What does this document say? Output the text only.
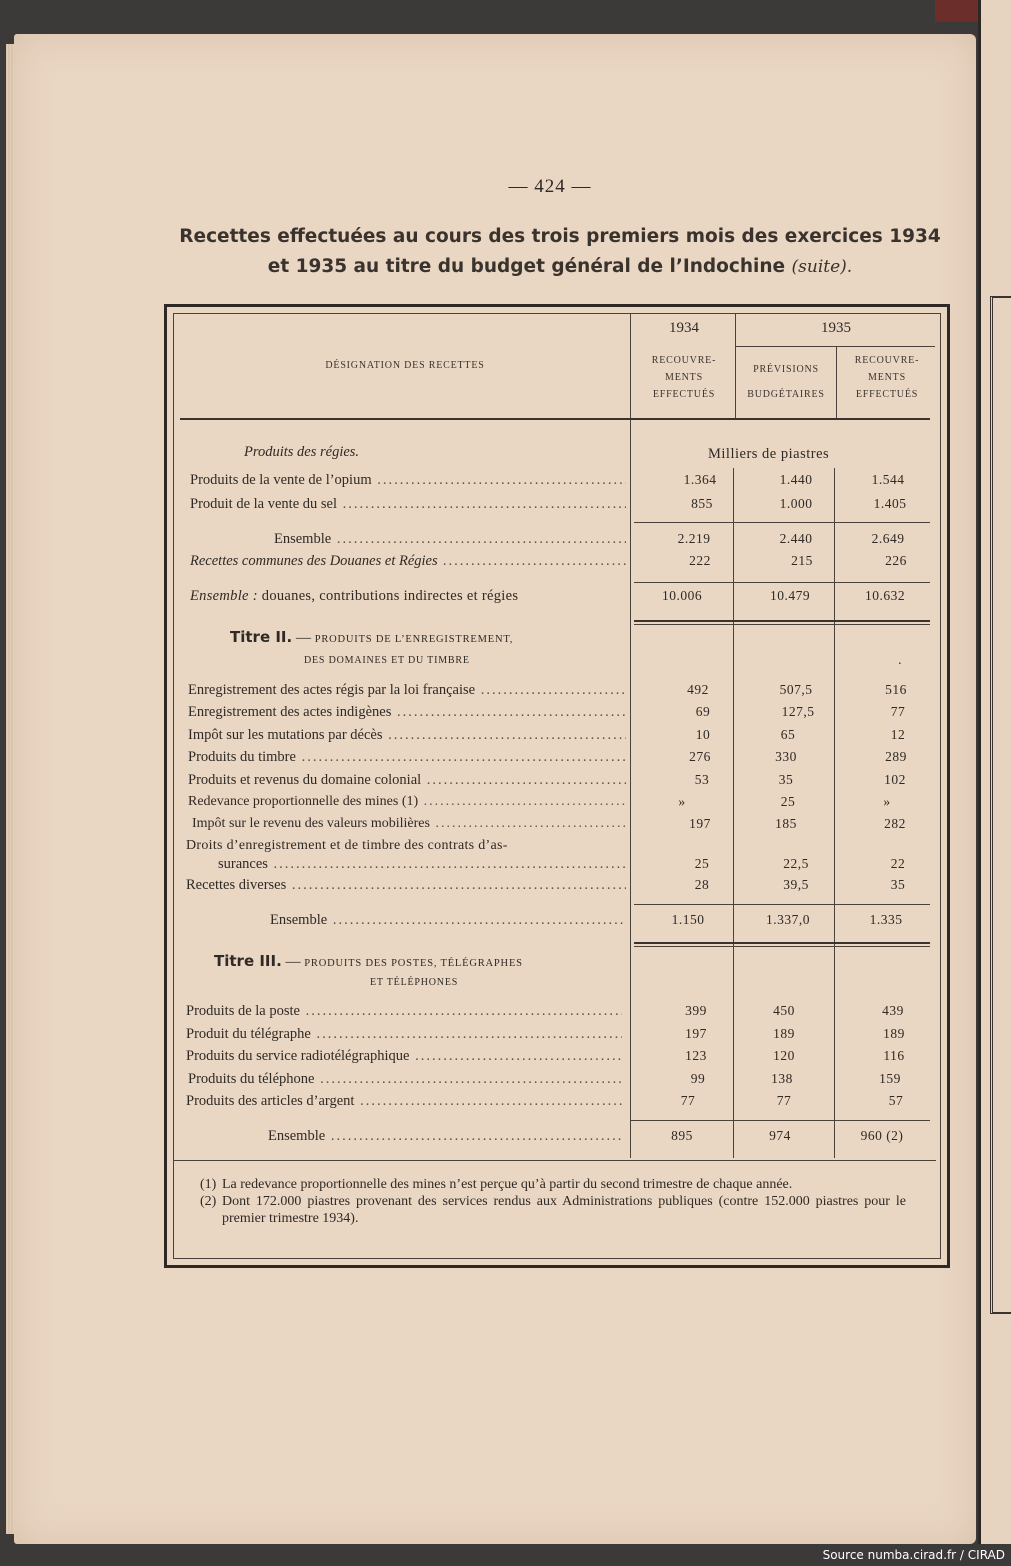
— 424 —
Recettes effectuées au cours des trois premiers mois des exercices 1934
et 1935 au titre du budget général de l’Indochine (suite).
DÉSIGNATION DES RECETTES
1934	1935
RECOUVRE-
MENTS
EFFECTUÉS
PRÉVISIONS
BUDGÉTAIRES
RECOUVRE-
MENTS
EFFECTUÉS
Produits des régies.	Milliers de piastres
Produits de la vente de l’opium .....	1.364	1.440	1.544
Produit de la vente du sel .....	855	1.000	1.405
Ensemble .....	2.219	2.440	2.649
Recettes communes des Douanes et Régies .....	222	215	226
Ensemble : douanes, contributions indirectes et régies	10.006	10.479	10.632
Titre II. — PRODUITS DE L’ENREGISTREMENT,
DES DOMAINES ET DU TIMBRE	.
Enregistrement des actes régis par la loi française .....	492	507,5	516
Enregistrement des actes indigènes .....	69	127,5	77
Impôt sur les mutations par décès .....	10	65	12
Produits du timbre .....	276	330	289
Produits et revenus du domaine colonial .....	53	35	102
Redevance proportionnelle des mines (1) .....	»	25	»
Impôt sur le revenu des valeurs mobilières .....	197	185	282
Droits d’enregistrement et de timbre des contrats d’as-
surances .....	25	22,5	22
Recettes diverses .....	28	39,5	35
Ensemble .....	1.150	1.337,0	1.335
Titre III. — PRODUITS DES POSTES, TÉLÉGRAPHES
ET TÉLÉPHONES
Produits de la poste .....	399	450	439
Produit du télégraphe .....	197	189	189
Produits du service radiotélégraphique .....	123	120	116
Produits du téléphone .....	99	138	159
Produits des articles d’argent .....	77	77	57
Ensemble .....	895	974	960 (2)
(1) La redevance proportionnelle des mines n’est perçue qu’à partir du second trimestre de chaque année.
(2) Dont 172.000 piastres provenant des services rendus aux Administrations publiques (contre 152.000 piastres pour le premier trimestre 1934).
Source numba.cirad.fr / CIRAD
